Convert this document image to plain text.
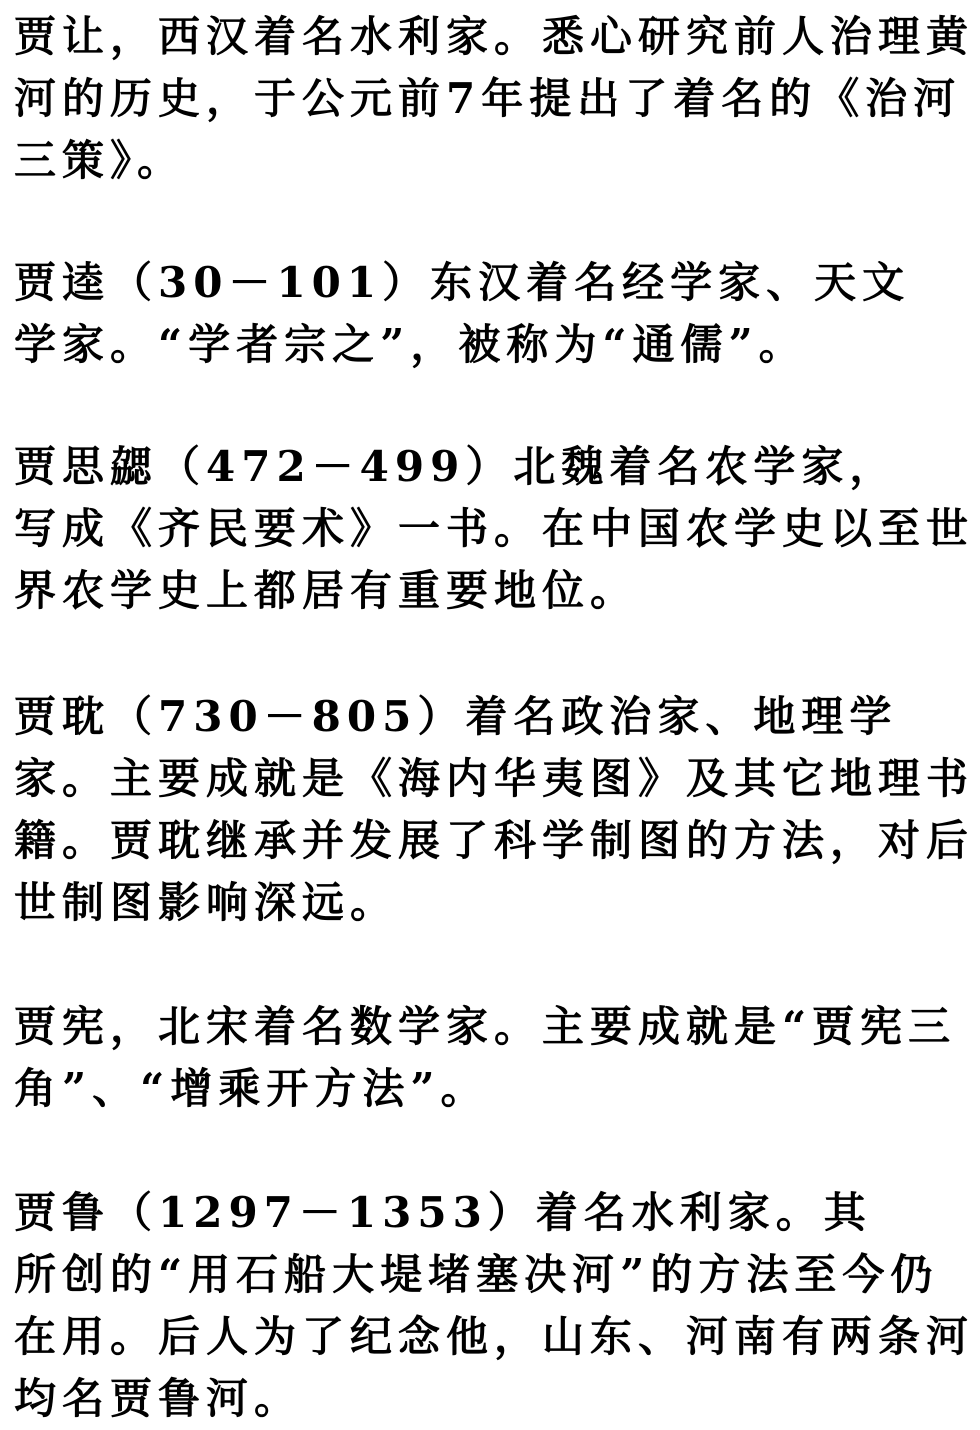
贾让，西汉着名水利家。悉心研究前人治理黄
河的历史，于公元前7年提出了着名的《治河
三策》。

贾逵（30－101）东汉着名经学家、天文
学家。“学者宗之”，被称为“通儒”。

贾思勰（472－499）北魏着名农学家，
写成《齐民要术》一书。在中国农学史以至世
界农学史上都居有重要地位。

贾耽（730－805）着名政治家、地理学
家。主要成就是《海内华夷图》及其它地理书
籍。贾耽继承并发展了科学制图的方法，对后
世制图影响深远。

贾宪，北宋着名数学家。主要成就是“贾宪三
角”、“增乘开方法”。

贾鲁（1297－1353）着名水利家。其
所创的“用石船大堤堵塞决河”的方法至今仍
在用。后人为了纪念他，山东、河南有两条河
均名贾鲁河。
